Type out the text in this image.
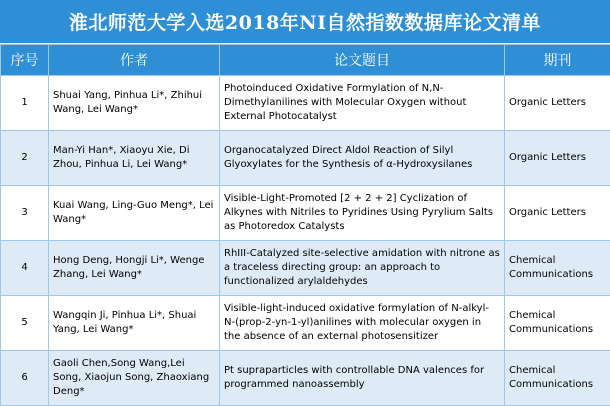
淮北师范大学入选2018年NI自然指数数据库论文清单
序号	作者	论文题目	期刊
1	Shuai Yang, Pinhua Li*, Zhihui Wang, Lei Wang*	Photoinduced Oxidative Formylation of N,N-Dimethylanilines with Molecular Oxygen without External Photocatalyst	Organic Letters
2	Man-Yi Han*, Xiaoyu Xie, Di Zhou, Pinhua Li, Lei Wang*	Organocatalyzed Direct Aldol Reaction of Silyl Glyoxylates for the Synthesis of α-Hydroxysilanes	Organic Letters
3	Kuai Wang, Ling-Guo Meng*, Lei Wang*	Visible-Light-Promoted [2 + 2 + 2] Cyclization of Alkynes with Nitriles to Pyridines Using Pyrylium Salts as Photoredox Catalysts	Organic Letters
4	Hong Deng, Hongji Li*, Wenge Zhang, Lei Wang*	RhIII-Catalyzed site-selective amidation with nitrone as a traceless directing group: an approach to functionalized arylaldehydes	Chemical Communications
5	Wangqin Ji, Pinhua Li*, Shuai Yang, Lei Wang*	Visible-light-induced oxidative formylation of N-alkyl-N-(prop-2-yn-1-yl)anilines with molecular oxygen in the absence of an external photosensitizer	Chemical Communications
6	Gaoli Chen,Song Wang,Lei Song, Xiaojun Song, Zhaoxiang Deng*	Pt supraparticles with controllable DNA valences for programmed nanoassembly	Chemical Communications
